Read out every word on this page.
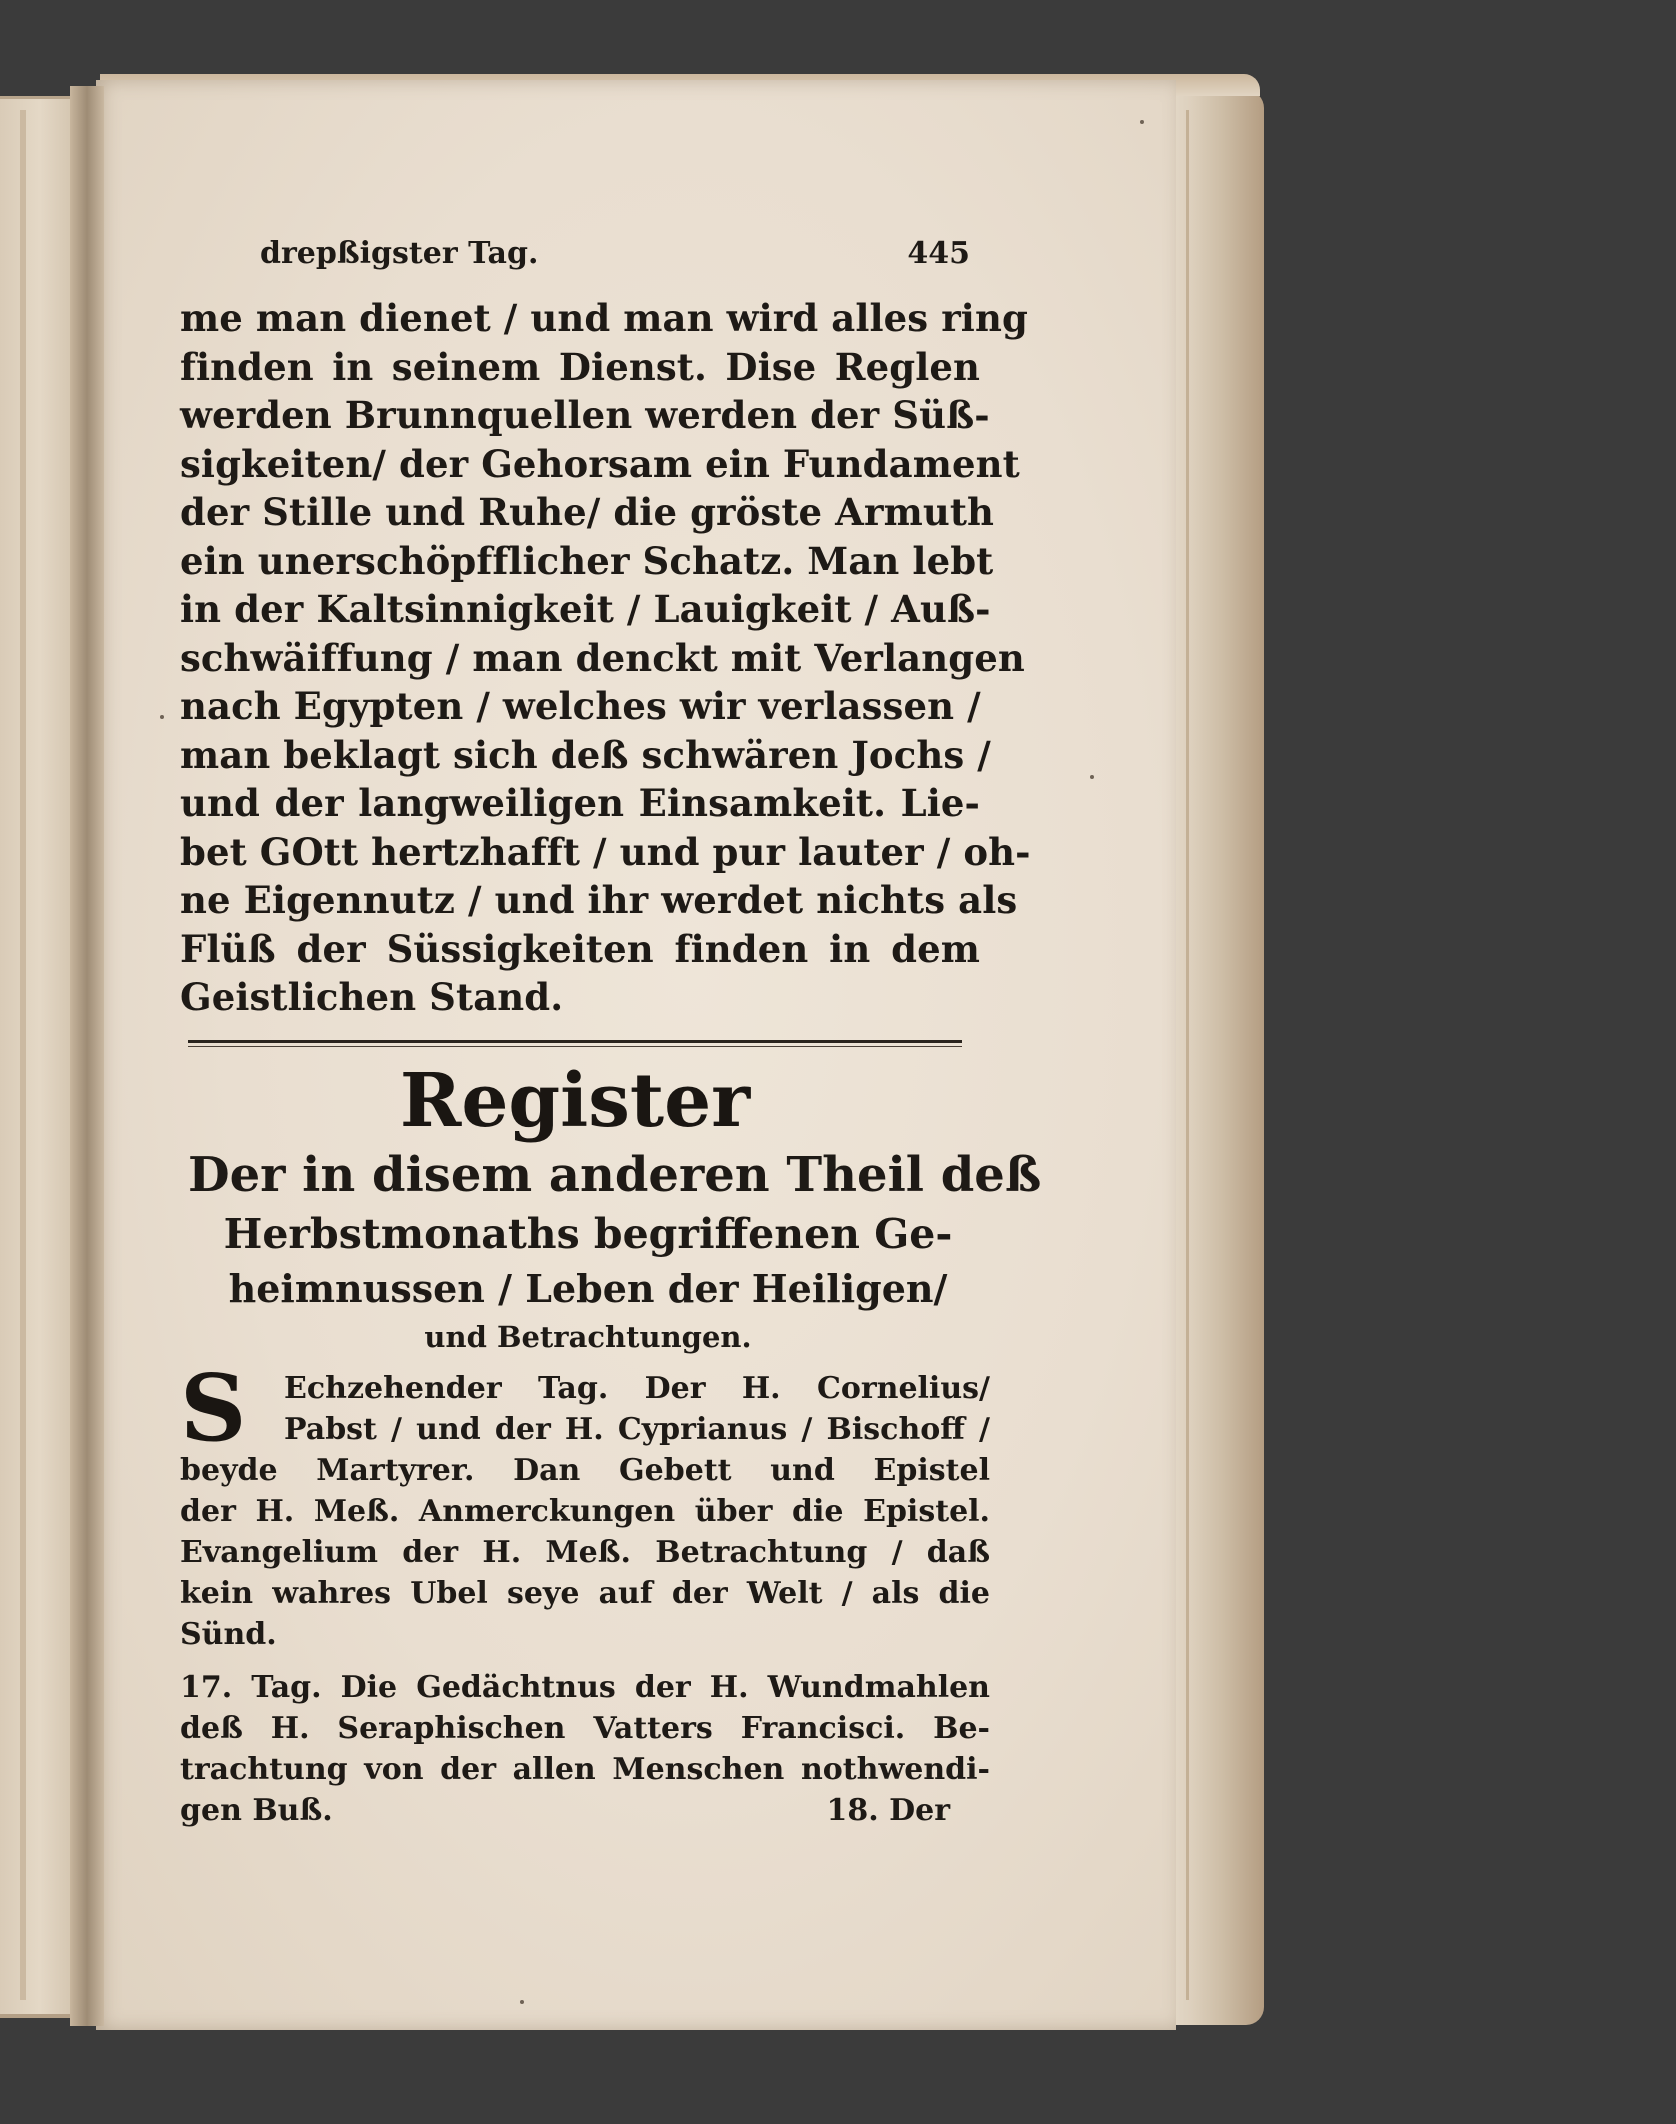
drepßigster Tag.	445
me man dienet / und man wird alles ring
finden in seinem Dienst. Dise Reglen
werden Brunnquellen werden der Süß-
sigkeiten/ der Gehorsam ein Fundament
der Stille und Ruhe/ die gröste Armuth
ein unerschöpfflicher Schatz. Man lebt
in der Kaltsinnigkeit / Lauigkeit / Auß-
schwäiffung / man denckt mit Verlangen
nach Egypten / welches wir verlassen /
man beklagt sich deß schwären Jochs /
und der langweiligen Einsamkeit. Lie-
bet GOtt hertzhafft / und pur lauter / oh-
ne Eigennutz / und ihr werdet nichts als
Flüß der Süssigkeiten finden in dem
Geistlichen Stand.
Register
Der in disem anderen Theil deß
Herbstmonaths begriffenen Ge-
heimnussen / Leben der Heiligen/
und Betrachtungen.
S	Echzehender Tag. Der H. Cornelius/
Pabst / und der H. Cyprianus / Bischoff /
beyde Martyrer. Dan Gebett und Epistel
der H. Meß. Anmerckungen über die Epistel.
Evangelium der H. Meß. Betrachtung / daß
kein wahres Ubel seye auf der Welt / als die
Sünd.
17. Tag. Die Gedächtnus der H. Wundmahlen
deß H. Seraphischen Vatters Francisci. Be-
trachtung von der allen Menschen nothwendi-
gen Buß.	18. Der
